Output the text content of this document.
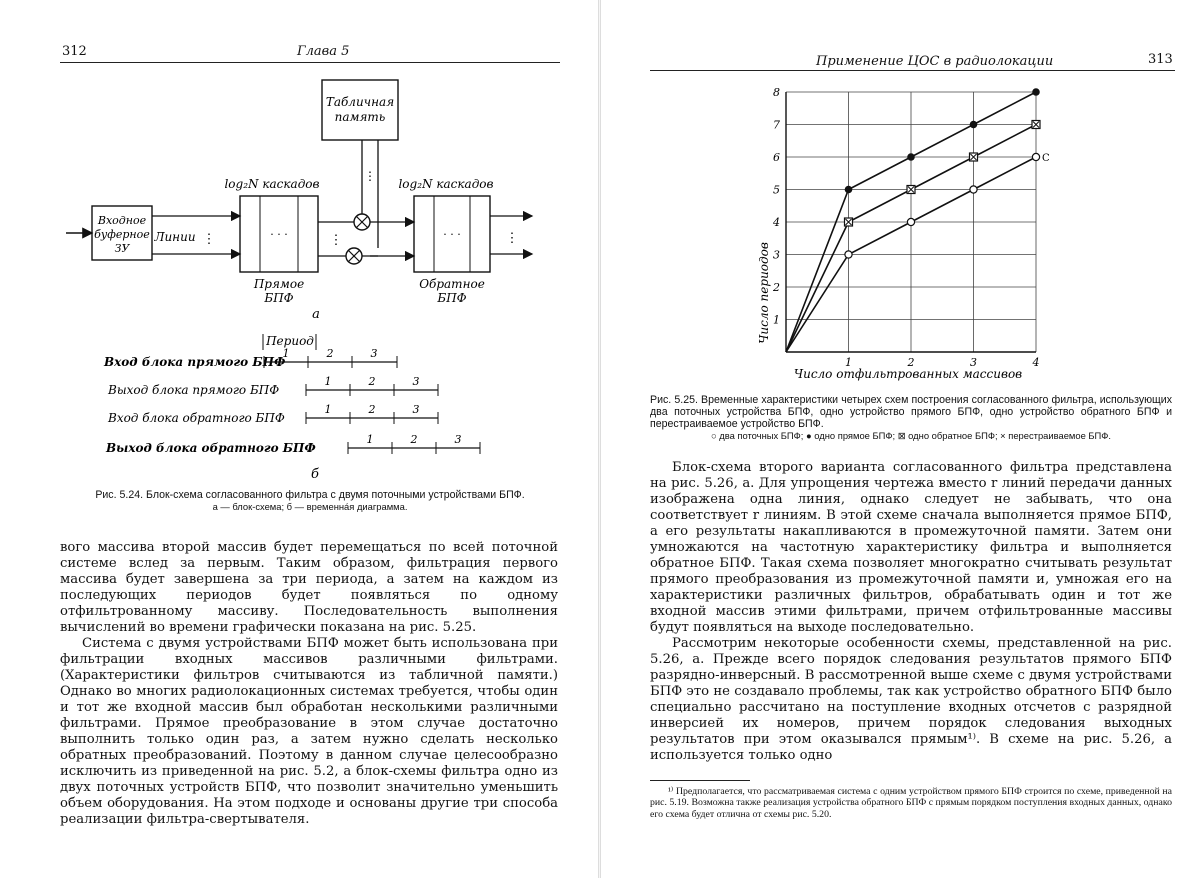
312	Глава 5
Табличная
память
⋮
log₂N каскадов	log₂N каскадов
Входное
буферное
ЗУ
Линии ⋮	· · ·
Прямое
БПФ
⋮	· · ·
Обратное
БПФ
⋮
а
Период
Вход блока прямого БПФ
1	2	3
Выход блока прямого БПФ
1	2	3
Вход блока обратного БПФ
1	2	3
Выход блока обратного БПФ
1	2	3
б
Рис. 5.24. Блок-схема согласованного фильтра с двумя поточными устройствами БПФ.
а — блок-схема; б — временна́я диаграмма.

вого массива второй массив будет перемещаться по всей поточной системе вслед за первым. Таким образом, фильтрация первого массива будет завершена за три периода, а затем на каждом из последующих периодов будет появляться по одному отфильтрованному массиву. Последовательность выполнения вычислений во времени графически показана на рис. 5.25.

Система с двумя устройствами БПФ может быть использована при фильтрации входных массивов различными фильтрами. (Характеристики фильтров считываются из табличной памяти.) Однако во многих радиолокационных системах требуется, чтобы один и тот же входной массив был обработан несколькими различными фильтрами. Прямое преобразование в этом случае достаточно выполнить только один раз, а затем нужно сделать несколько обратных преобразований. Поэтому в данном случае целесообразно исключить из приведенной на рис. 5.2, а блок-схемы фильтра одно из двух поточных устройств БПФ, что позволит значительно уменьшить объем оборудования. На этом подходе и основаны другие три способа реализации фильтра-свертывателя.

Применение ЦОС в радиолокации	313
1
2
3
4
5
6
7
8
1	2	3	4
C
Число периодов
Число отфильтрованных массивов
Рис. 5.25. Временные характеристики четырех схем построения согласованного фильтра, использующих два поточных устройства БПФ, одно устройство прямого БПФ, одно устройство обратного БПФ и перестраиваемое устройство БПФ.
○ два поточных БПФ; ● одно прямое БПФ; ⊠ одно обратное БПФ; × перестраиваемое БПФ.

Блок-схема второго варианта согласованного фильтра представлена на рис. 5.26, а. Для упрощения чертежа вместо r линий передачи данных изображена одна линия, однако следует не забывать, что она соответствует r линиям. В этой схеме сначала выполняется прямое БПФ, а его результаты накапливаются в промежуточной памяти. Затем они умножаются на частотную характеристику фильтра и выполняется обратное БПФ. Такая схема позволяет многократно считывать результат прямого преобразования из промежуточной памяти и, умножая его на характеристики различных фильтров, обрабатывать один и тот же входной массив этими фильтрами, причем отфильтрованные массивы будут появляться на выходе последовательно.

Рассмотрим некоторые особенности схемы, представленной на рис. 5.26, а. Прежде всего порядок следования результатов прямого БПФ разрядно-инверсный. В рассмотренной выше схеме с двумя устройствами БПФ это не создавало проблемы, так как устройство обратного БПФ было специально рассчитано на поступление входных отсчетов с разрядной инверсией их номеров, причем порядок следования выходных результатов при этом оказывался прямым¹⁾. В схеме на рис. 5.26, а используется только одно

¹⁾ Предполагается, что рассматриваемая система с одним устройством прямого БПФ строится по схеме, приведенной на рис. 5.19. Возможна также реализация устройства обратного БПФ с прямым порядком поступления входных данных, однако его схема будет отлична от схемы рис. 5.20.
